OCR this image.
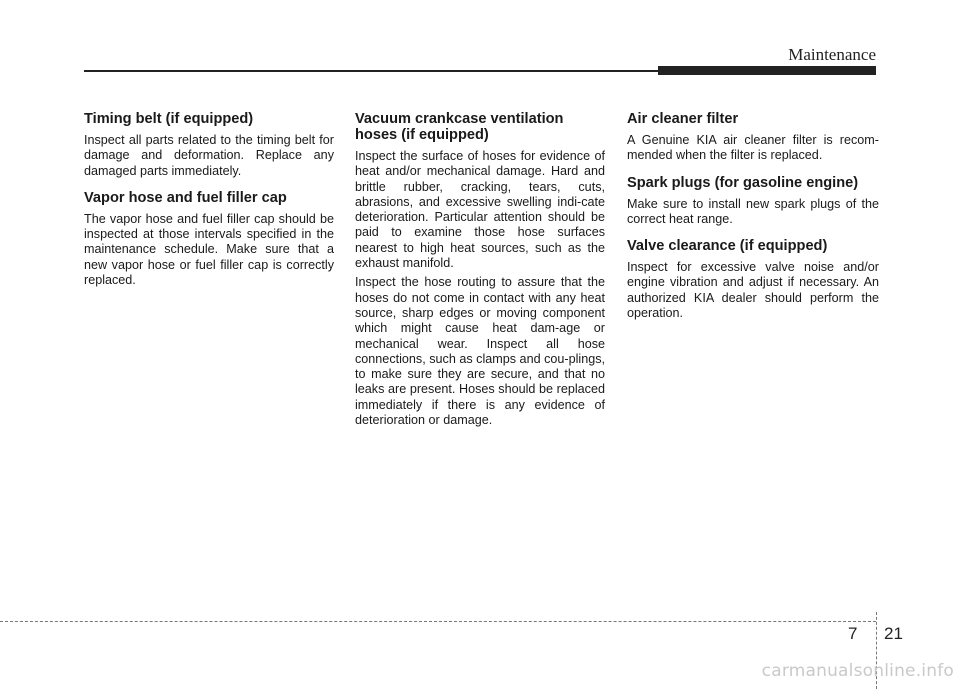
Maintenance
Timing belt (if equipped)

Inspect all parts related to the timing belt for damage and deformation. Replace any damaged parts immediately.

Vapor hose and fuel filler cap

The vapor hose and fuel filler cap should be inspected at those intervals specified in the maintenance schedule. Make sure that a new vapor hose or fuel filler cap is correctly replaced.

Vacuum crankcase ventilation hoses (if equipped)

Inspect the surface of hoses for evidence of heat and/or mechanical damage. Hard and brittle rubber, cracking, tears, cuts, abrasions, and excessive swelling indi-cate deterioration. Particular attention should be paid to examine those hose surfaces nearest to high heat sources, such as the exhaust manifold.

Inspect the hose routing to assure that the hoses do not come in contact with any heat source, sharp edges or moving component which might cause heat dam-age or mechanical wear. Inspect all hose connections, such as clamps and cou-plings, to make sure they are secure, and that no leaks are present. Hoses should be replaced immediately if there is any evidence of deterioration or damage.

Air cleaner filter

A Genuine KIA air cleaner filter is recom-mended when the filter is replaced.

Spark plugs (for gasoline engine)

Make sure to install new spark plugs of the correct heat range.

Valve clearance (if equipped)

Inspect for excessive valve noise and/or engine vibration and adjust if necessary. An authorized KIA dealer should perform the operation.

7 21
carmanualsonline.info
